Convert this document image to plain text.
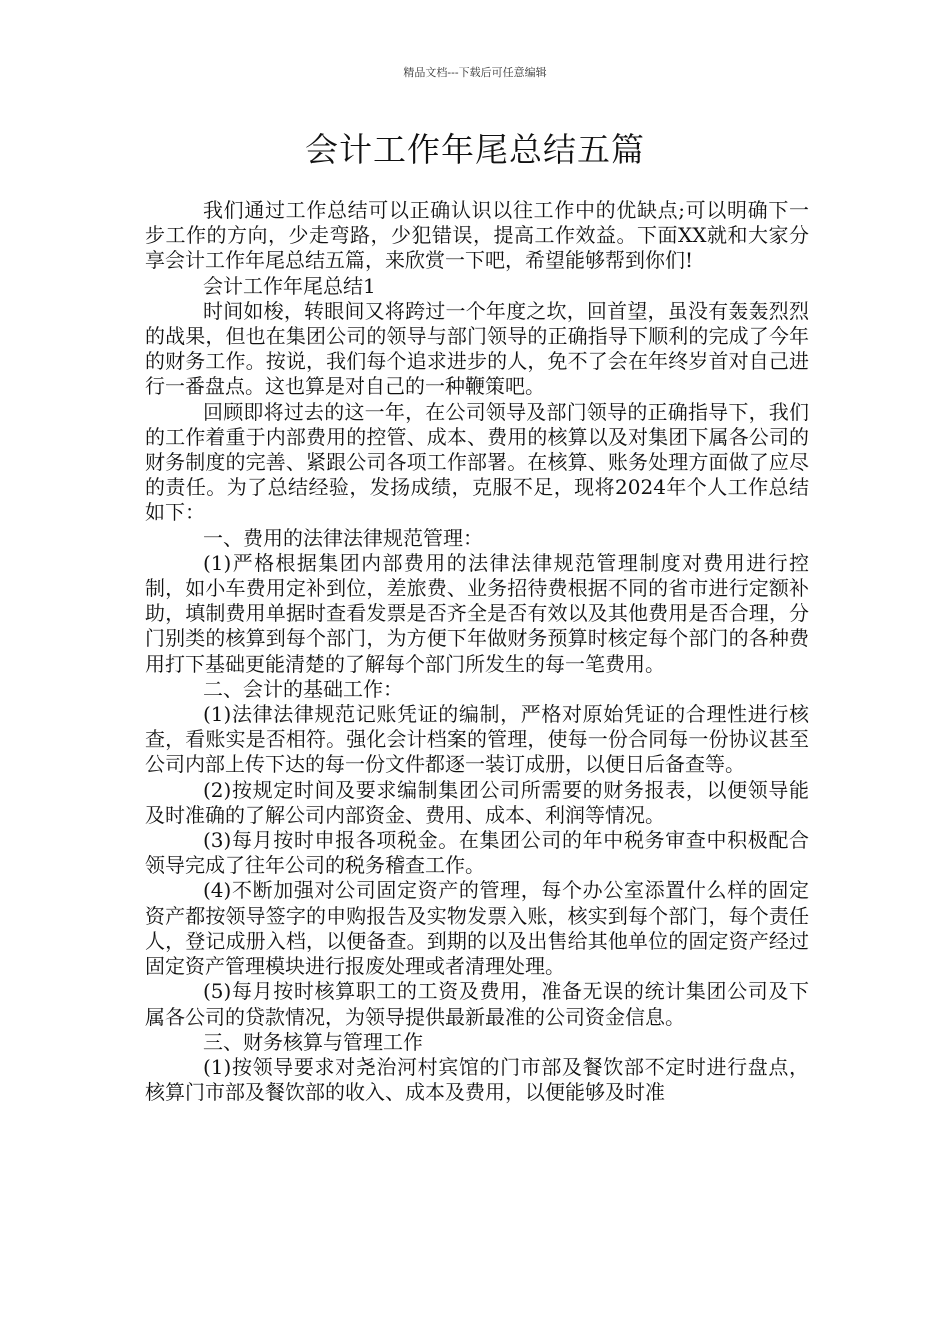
精品文档---下载后可任意编辑
会计工作年尾总结五篇

我们通过工作总结可以正确认识以往工作中的优缺点;可以明确下一步工作的方向，少走弯路，少犯错误，提高工作效益。下面XX就和大家分享会计工作年尾总结五篇，来欣赏一下吧，希望能够帮到你们!

会计工作年尾总结1

时间如梭，转眼间又将跨过一个年度之坎，回首望，虽没有轰轰烈烈的战果，但也在集团公司的领导与部门领导的正确指导下顺利的完成了今年的财务工作。按说，我们每个追求进步的人，免不了会在年终岁首对自己进行一番盘点。这也算是对自己的一种鞭策吧。

回顾即将过去的这一年，在公司领导及部门领导的正确指导下，我们的工作着重于内部费用的控管、成本、费用的核算以及对集团下属各公司的财务制度的完善、紧跟公司各项工作部署。在核算、账务处理方面做了应尽的责任。为了总结经验，发扬成绩，克服不足，现将2024年个人工作总结如下：

一、费用的法律法律规范管理：

(1)严格根据集团内部费用的法律法律规范管理制度对费用进行控制，如小车费用定补到位，差旅费、业务招待费根据不同的省市进行定额补助，填制费用单据时查看发票是否齐全是否有效以及其他费用是否合理，分门别类的核算到每个部门，为方便下年做财务预算时核定每个部门的各种费用打下基础更能清楚的了解每个部门所发生的每一笔费用。

二、会计的基础工作：

(1)法律法律规范记账凭证的编制，严格对原始凭证的合理性进行核查，看账实是否相符。强化会计档案的管理，使每一份合同每一份协议甚至公司内部上传下达的每一份文件都逐一装订成册，以便日后备查等。

(2)按规定时间及要求编制集团公司所需要的财务报表，以便领导能及时准确的了解公司内部资金、费用、成本、利润等情况。

(3)每月按时申报各项税金。在集团公司的年中税务审查中积极配合领导完成了往年公司的税务稽查工作。

(4)不断加强对公司固定资产的管理，每个办公室添置什么样的固定资产都按领导签字的申购报告及实物发票入账，核实到每个部门，每个责任人，登记成册入档，以便备查。到期的以及出售给其他单位的固定资产经过固定资产管理模块进行报废处理或者清理处理。

(5)每月按时核算职工的工资及费用，准备无误的统计集团公司及下属各公司的贷款情况，为领导提供最新最准的公司资金信息。

三、财务核算与管理工作

(1)按领导要求对尧治河村宾馆的门市部及餐饮部不定时进行盘点，核算门市部及餐饮部的收入、成本及费用，以便能够及时准
